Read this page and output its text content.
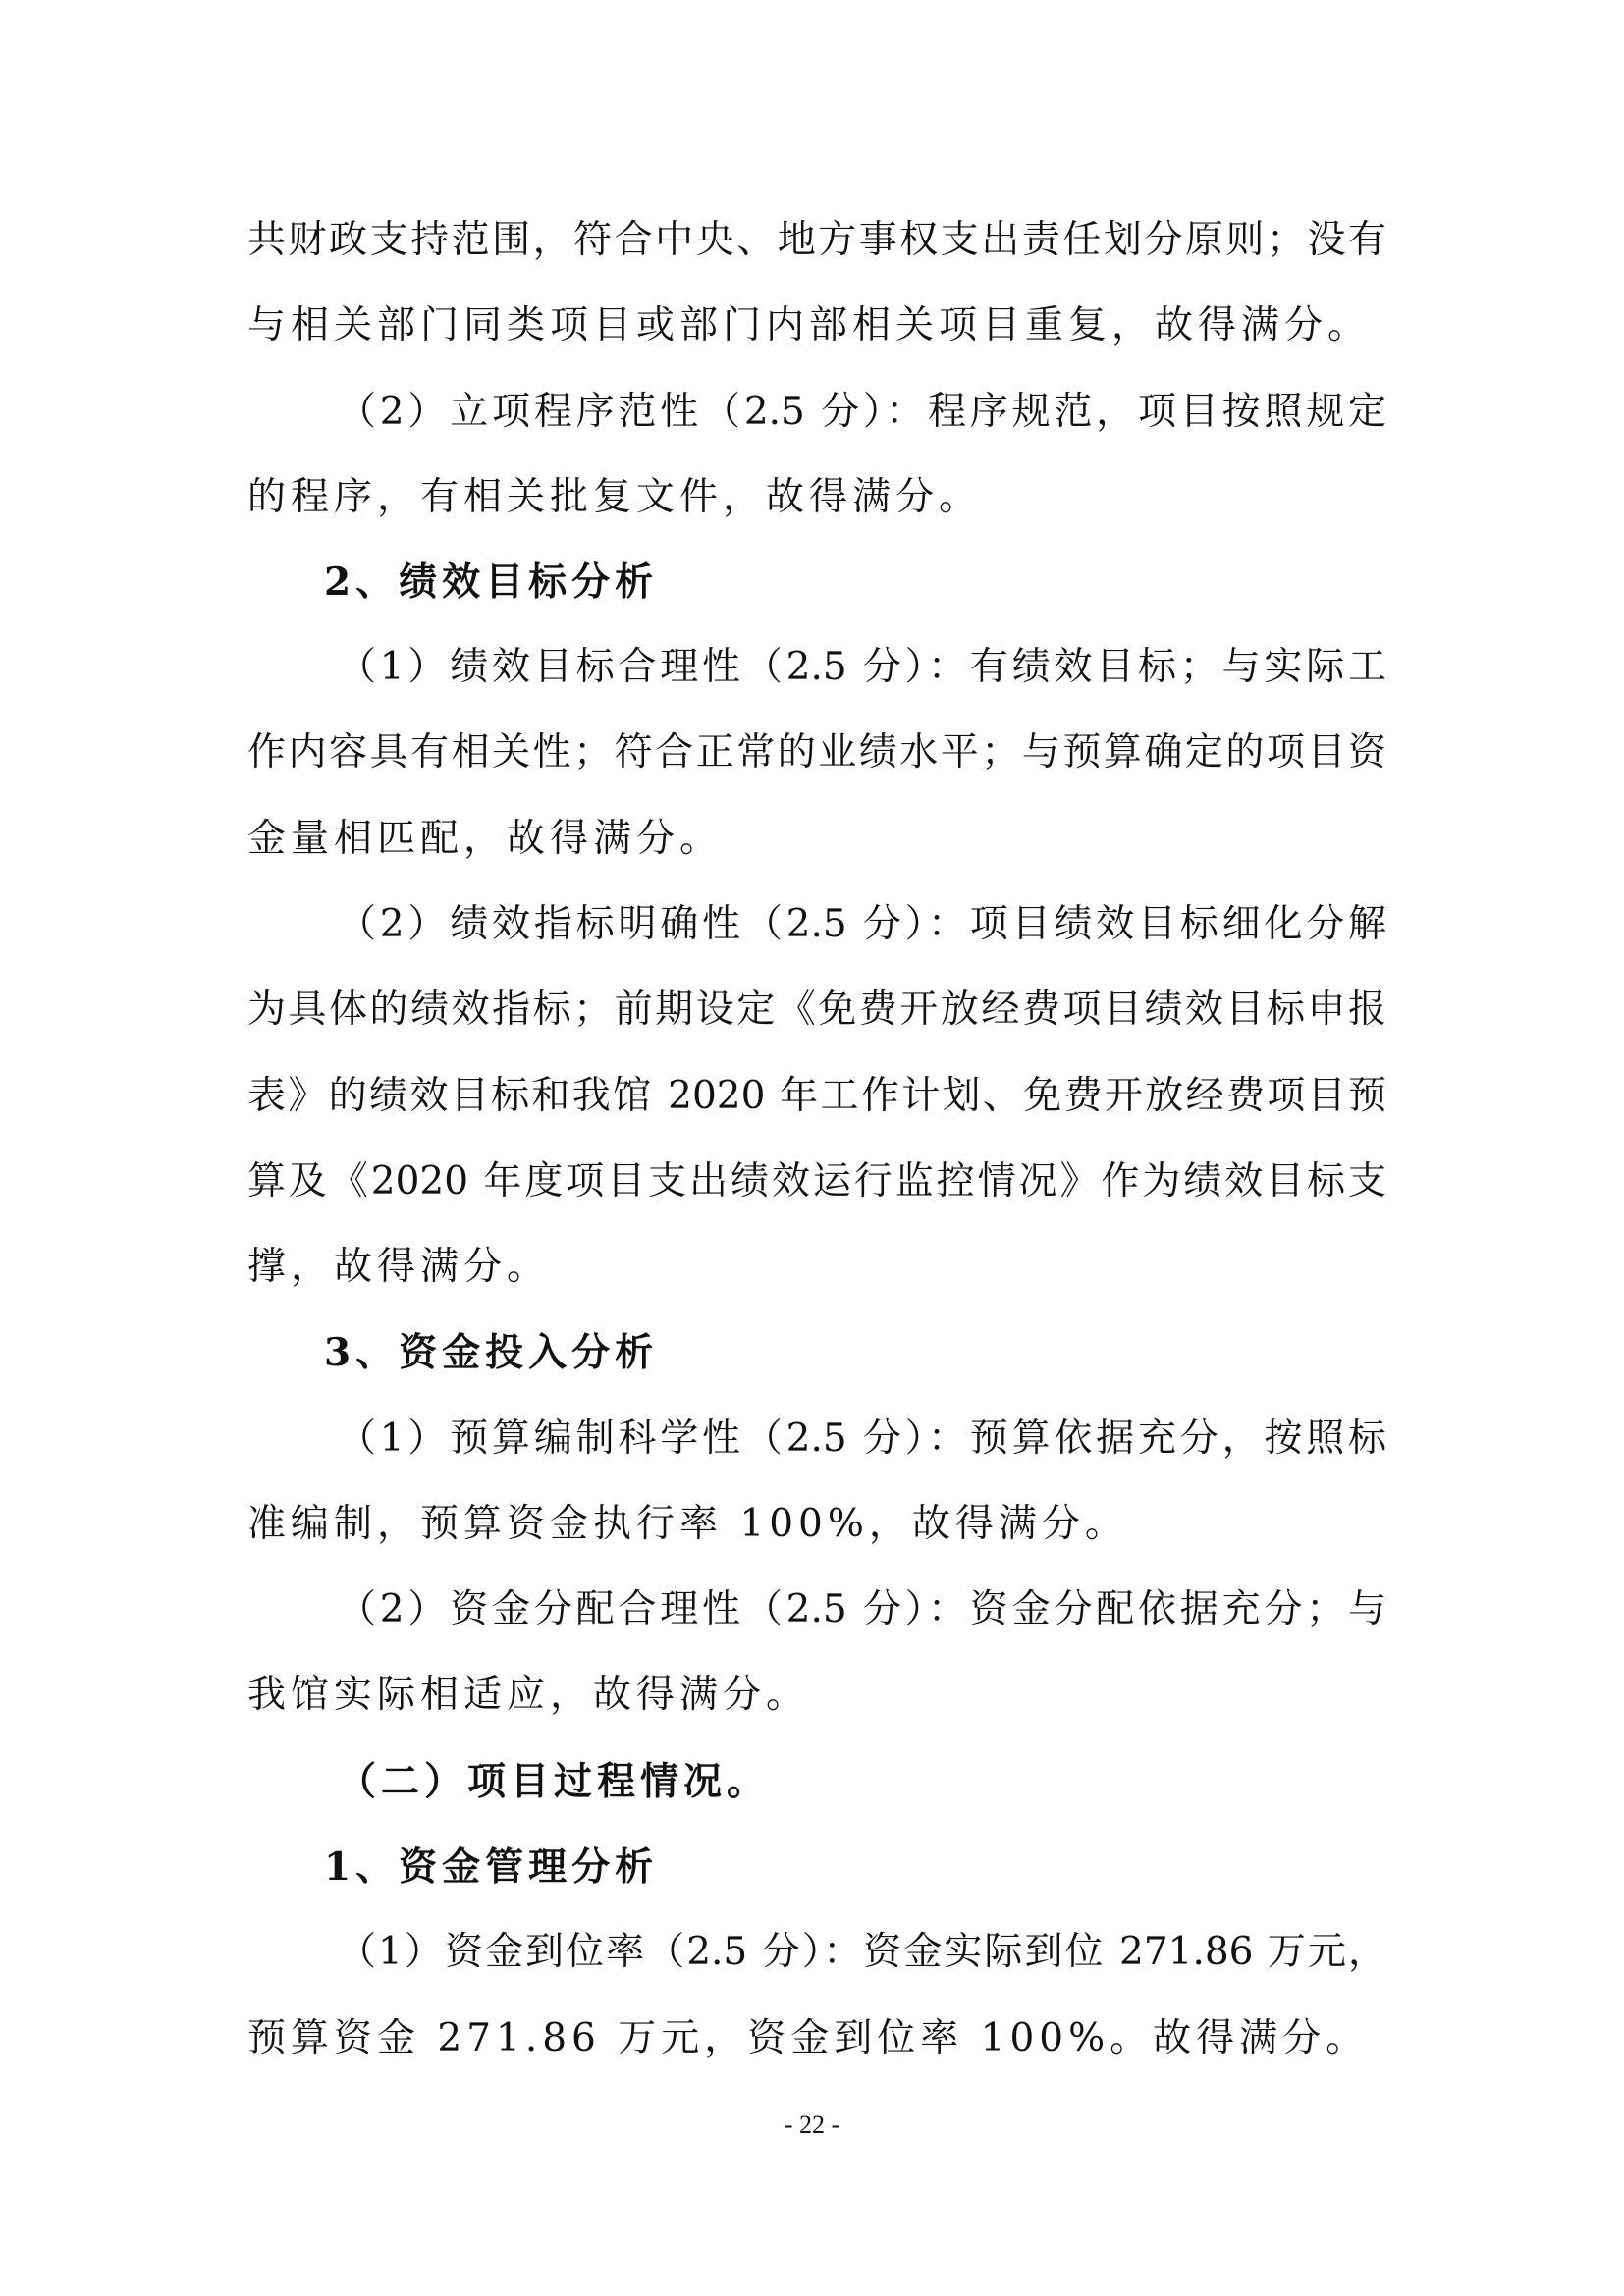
共财政支持范围，符合中央、地方事权支出责任划分原则；没有
与相关部门同类项目或部门内部相关项目重复，故得满分。
（2）立项程序范性（2.5 分）：程序规范，项目按照规定
的程序，有相关批复文件，故得满分。
2、绩效目标分析
（1）绩效目标合理性（2.5 分）：有绩效目标；与实际工
作内容具有相关性；符合正常的业绩水平；与预算确定的项目资
金量相匹配，故得满分。
（2）绩效指标明确性（2.5 分）：项目绩效目标细化分解
为具体的绩效指标；前期设定《免费开放经费项目绩效目标申报
表》的绩效目标和我馆 2020 年工作计划、免费开放经费项目预
算及《2020 年度项目支出绩效运行监控情况》作为绩效目标支
撑，故得满分。
3、资金投入分析
（1）预算编制科学性（2.5 分）：预算依据充分，按照标
准编制，预算资金执行率 100%，故得满分。
（2）资金分配合理性（2.5 分）：资金分配依据充分；与
我馆实际相适应，故得满分。
（二）项目过程情况。
1、资金管理分析
（1）资金到位率（2.5 分）：资金实际到位 271.86 万元，
预算资金 271.86 万元，资金到位率 100%。故得满分。
- 22 -
